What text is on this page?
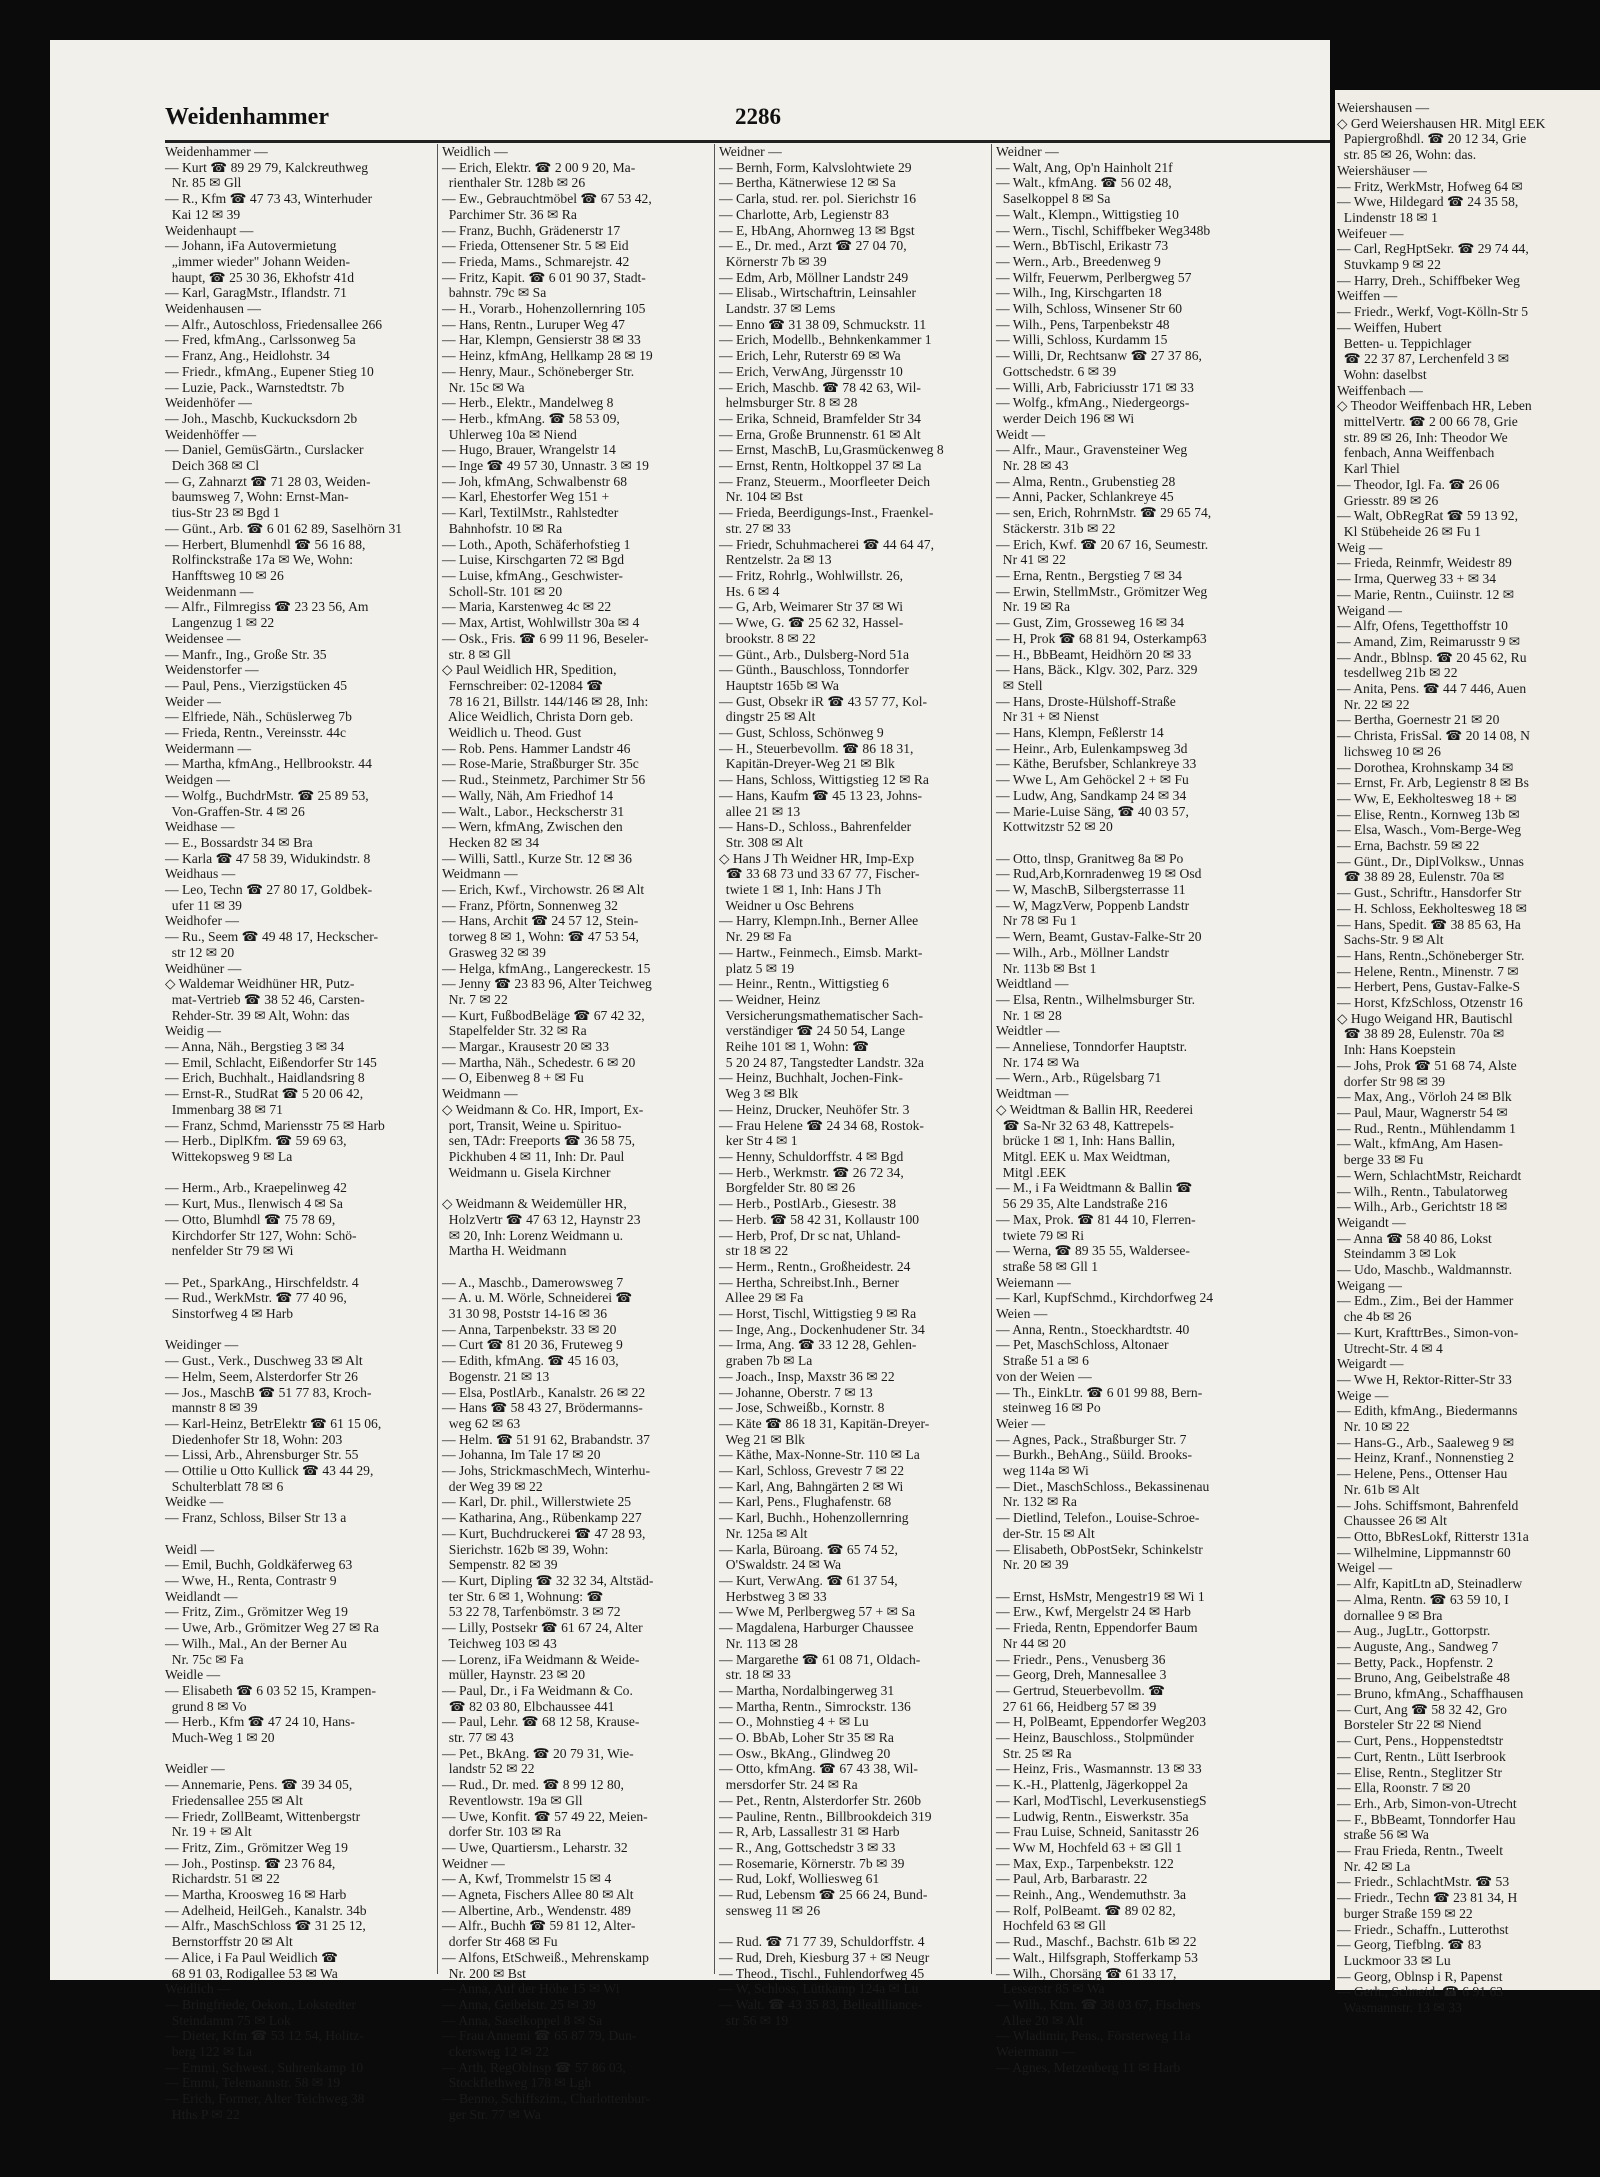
Weidenhammer	2286
Weidenhammer —
— Kurt ☎ 89 29 79, Kalckreuthweg
Nr. 85 ✉ Gll
— R., Kfm ☎ 47 73 43, Winterhuder
Kai 12 ✉ 39
Weidenhaupt —
— Johann, iFa Autovermietung
„immer wieder" Johann Weiden-
haupt, ☎ 25 30 36, Ekhofstr 41d
— Karl, GaragMstr., Iflandstr. 71
Weidenhausen —
— Alfr., Autoschloss, Friedensallee 266
— Fred, kfmAng., Carlssonweg 5a
— Franz, Ang., Heidlohstr. 34
— Friedr., kfmAng., Eupener Stieg 10
— Luzie, Pack., Warnstedtstr. 7b
Weidenhöfer —
— Joh., Maschb, Kuckucksdorn 2b
Weidenhöffer —
— Daniel, GemüsGärtn., Curslacker
Deich 368 ✉ Cl
— G, Zahnarzt ☎ 71 28 03, Weiden-
baumsweg 7, Wohn: Ernst-Man-
tius-Str 23 ✉ Bgd 1
— Günt., Arb. ☎ 6 01 62 89, Saselhörn 31
— Herbert, Blumenhdl ☎ 56 16 88,
Rolfinckstraße 17a ✉ We, Wohn:
Hanfftsweg 10 ✉ 26
Weidenmann —
— Alfr., Filmregiss ☎ 23 23 56, Am
Langenzug 1 ✉ 22
Weidensee —
— Manfr., Ing., Große Str. 35
Weidenstorfer —
— Paul, Pens., Vierzigstücken 45
Weider —
— Elfriede, Näh., Schüslerweg 7b
— Frieda, Rentn., Vereinsstr. 44c
Weidermann —
— Martha, kfmAng., Hellbrookstr. 44
Weidgen —
— Wolfg., BuchdrMstr. ☎ 25 89 53,
Von-Graffen-Str. 4 ✉ 26
Weidhase —
— E., Bossardstr 34 ✉ Bra
— Karla ☎ 47 58 39, Widukindstr. 8
Weidhaus —
— Leo, Techn ☎ 27 80 17, Goldbek-
ufer 11 ✉ 39
Weidhofer —
— Ru., Seem ☎ 49 48 17, Heckscher-
str 12 ✉ 20
Weidhüner —
◇ Waldemar Weidhüner HR, Putz-
mat-Vertrieb ☎ 38 52 46, Carsten-
Rehder-Str. 39 ✉ Alt, Wohn: das
Weidig —
— Anna, Näh., Bergstieg 3 ✉ 34
— Emil, Schlacht, Eißendorfer Str 145
— Erich, Buchhalt., Haidlandsring 8
— Ernst-R., StudRat ☎ 5 20 06 42,
Immenbarg 38 ✉ 71
— Franz, Schmd, Mariensstr 75 ✉ Harb
— Herb., DiplKfm. ☎ 59 69 63,
Wittekopsweg 9 ✉ La

— Herm., Arb., Kraepelinweg 42
— Kurt, Mus., Ilenwisch 4 ✉ Sa
— Otto, Blumhdl ☎ 75 78 69,
Kirchdorfer Str 127, Wohn: Schö-
nenfelder Str 79 ✉ Wi

— Pet., SparkAng., Hirschfeldstr. 4
— Rud., WerkMstr. ☎ 77 40 96,
Sinstorfweg 4 ✉ Harb

Weidinger —
— Gust., Verk., Duschweg 33 ✉ Alt
— Helm, Seem, Alsterdorfer Str 26
— Jos., MaschB ☎ 51 77 83, Kroch-
mannstr 8 ✉ 39
— Karl-Heinz, BetrElektr ☎ 61 15 06,
Diedenhofer Str 18, Wohn: 203
— Lissi, Arb., Ahrensburger Str. 55
— Ottilie u Otto Kullick ☎ 43 44 29,
Schulterblatt 78 ✉ 6
Weidke —
— Franz, Schloss, Bilser Str 13 a

Weidl —
— Emil, Buchh, Goldkäferweg 63
— Wwe, H., Renta, Contrastr 9
Weidlandt —
— Fritz, Zim., Grömitzer Weg 19
— Uwe, Arb., Grömitzer Weg 27 ✉ Ra
— Wilh., Mal., An der Berner Au
Nr. 75c ✉ Fa
Weidle —
— Elisabeth ☎ 6 03 52 15, Krampen-
grund 8 ✉ Vo
— Herb., Kfm ☎ 47 24 10, Hans-
Much-Weg 1 ✉ 20

Weidler —
— Annemarie, Pens. ☎ 39 34 05,
Friedensallee 255 ✉ Alt
— Friedr, ZollBeamt, Wittenbergstr
Nr. 19 + ✉ Alt
— Fritz, Zim., Grömitzer Weg 19
— Joh., Postinsp. ☎ 23 76 84,
Richardstr. 51 ✉ 22
— Martha, Kroosweg 16 ✉ Harb
— Adelheid, HeilGeh., Kanalstr. 34b
— Alfr., MaschSchloss ☎ 31 25 12,
Bernstorffstr 20 ✉ Alt
— Alice, i Fa Paul Weidlich ☎
68 91 03, Rodigallee 53 ✉ Wa
Weidlich —
— Bringfriede, Oekon., Lokstedter
Steindamm 75 ✉ Lok
— Dieter, Kfm ☎ 53 12 54, Holitz-
berg 122 ✉ La
— Emmi, Schwest., Suhrenkamp 10
— Emmi, Telemannstr. 58 ✉ 19
— Erich, Former, Alter Teichweg 38
Hths P ✉ 22
Weidlich —
— Erich, Elektr. ☎ 2 00 9 20, Ma-
rienthaler Str. 128b ✉ 26
— Ew., Gebrauchtmöbel ☎ 67 53 42,
Parchimer Str. 36 ✉ Ra
— Franz, Buchh, Grädenerstr 17
— Frieda, Ottensener Str. 5 ✉ Eid
— Frieda, Mams., Schmarejstr. 42
— Fritz, Kapit. ☎ 6 01 90 37, Stadt-
bahnstr. 79c ✉ Sa
— H., Vorarb., Hohenzollernring 105
— Hans, Rentn., Luruper Weg 47
— Har, Klempn, Gensierstr 38 ✉ 33
— Heinz, kfmAng, Hellkamp 28 ✉ 19
— Henry, Maur., Schöneberger Str.
Nr. 15c ✉ Wa
— Herb., Elektr., Mandelweg 8
— Herb., kfmAng. ☎ 58 53 09,
Uhlerweg 10a ✉ Niend
— Hugo, Brauer, Wrangelstr 14
— Inge ☎ 49 57 30, Unnastr. 3 ✉ 19
— Joh, kfmAng, Schwalbenstr 68
— Karl, Ehestorfer Weg 151 +
— Karl, TextilMstr., Rahlstedter
Bahnhofstr. 10 ✉ Ra
— Loth., Apoth, Schäferhofstieg 1
— Luise, Kirschgarten 72 ✉ Bgd
— Luise, kfmAng., Geschwister-
Scholl-Str. 101 ✉ 20
— Maria, Karstenweg 4c ✉ 22
— Max, Artist, Wohlwillstr 30a ✉ 4
— Osk., Fris. ☎ 6 99 11 96, Beseler-
str. 8 ✉ Gll
◇ Paul Weidlich HR, Spedition,
Fernschreiber: 02-12084 ☎
78 16 21, Billstr. 144/146 ✉ 28, Inh:
Alice Weidlich, Christa Dorn geb.
Weidlich u. Theod. Gust
— Rob. Pens. Hammer Landstr 46
— Rose-Marie, Straßburger Str. 35c
— Rud., Steinmetz, Parchimer Str 56
— Wally, Näh, Am Friedhof 14
— Walt., Labor., Heckscherstr 31
— Wern, kfmAng, Zwischen den
Hecken 82 ✉ 34
— Willi, Sattl., Kurze Str. 12 ✉ 36
Weidmann —
— Erich, Kwf., Virchowstr. 26 ✉ Alt
— Franz, Pförtn, Sonnenweg 32
— Hans, Archit ☎ 24 57 12, Stein-
torweg 8 ✉ 1, Wohn: ☎ 47 53 54,
Grasweg 32 ✉ 39
— Helga, kfmAng., Langereckestr. 15
— Jenny ☎ 23 83 96, Alter Teichweg
Nr. 7 ✉ 22
— Kurt, FußbodBeläge ☎ 67 42 32,
Stapelfelder Str. 32 ✉ Ra
— Margar., Krausestr 20 ✉ 33
— Martha, Näh., Schedestr. 6 ✉ 20
— O, Eibenweg 8 + ✉ Fu
Weidmann —
◇ Weidmann & Co. HR, Import, Ex-
port, Transit, Weine u. Spirituo-
sen, TAdr: Freeports ☎ 36 58 75,
Pickhuben 4 ✉ 11, Inh: Dr. Paul
Weidmann u. Gisela Kirchner

◇ Weidmann & Weidemüller HR,
HolzVertr ☎ 47 63 12, Haynstr 23
✉ 20, Inh: Lorenz Weidmann u.
Martha H. Weidmann

— A., Maschb., Damerowsweg 7
— A. u. M. Wörle, Schneiderei ☎
31 30 98, Poststr 14-16 ✉ 36
— Anna, Tarpenbekstr. 33 ✉ 20
— Curt ☎ 81 20 36, Fruteweg 9
— Edith, kfmAng. ☎ 45 16 03,
Bogenstr. 21 ✉ 13
— Elsa, PostlArb., Kanalstr. 26 ✉ 22
— Hans ☎ 58 43 27, Brödermanns-
weg 62 ✉ 63
— Helm. ☎ 51 91 62, Brabandstr. 37
— Johanna, Im Tale 17 ✉ 20
— Johs, StrickmaschMech, Winterhu-
der Weg 39 ✉ 22
— Karl, Dr. phil., Willerstwiete 25
— Katharina, Ang., Rübenkamp 227
— Kurt, Buchdruckerei ☎ 47 28 93,
Sierichstr. 162b ✉ 39, Wohn:
Sempenstr. 82 ✉ 39
— Kurt, Dipling ☎ 32 32 34, Altstäd-
ter Str. 6 ✉ 1, Wohnung: ☎
53 22 78, Tarfenbömstr. 3 ✉ 72
— Lilly, Postsekr ☎ 61 67 24, Alter
Teichweg 103 ✉ 43
— Lorenz, iFa Weidmann & Weide-
müller, Haynstr. 23 ✉ 20
— Paul, Dr., i Fa Weidmann & Co.
☎ 82 03 80, Elbchaussee 441
— Paul, Lehr. ☎ 68 12 58, Krause-
str. 77 ✉ 43
— Pet., BkAng. ☎ 20 79 31, Wie-
landstr 52 ✉ 22
— Rud., Dr. med. ☎ 8 99 12 80,
Reventlowstr. 19a ✉ Gll
— Uwe, Konfit. ☎ 57 49 22, Meien-
dorfer Str. 103 ✉ Ra
— Uwe, Quartiersm., Leharstr. 32
Weidner —
— A, Kwf, Trommelstr 15 ✉ 4
— Agneta, Fischers Allee 80 ✉ Alt
— Albertine, Arb., Wendenstr. 489
— Alfr., Buchh ☎ 59 81 12, Alter-
dorfer Str 468 ✉ Fu
— Alfons, EtSchweiß., Mehrenskamp
Nr. 200 ✉ Bst
— Anna, Auf der Höhe 15 ✉ Wi
— Anna, Geibelstr. 25 ✉ 39
— Anna, Saselkoppel 8 ✉ Sa
— Frau Annemi ☎ 65 87 79, Dun-
ckersweg 12 ✉ 22
— Arth, RegOblnsp ☎ 57 86 03,
Stockflethweg 178 ✉ Lgh
— Benno, Schiffszim., Charlottenbur-
ger Str. 77 ✉ Wa
Weidner —
— Bernh, Form, Kalvslohtwiete 29
— Bertha, Kätnerwiese 12 ✉ Sa
— Carla, stud. rer. pol. Sierichstr 16
— Charlotte, Arb, Legienstr 83
— E, HbAng, Ahornweg 13 ✉ Bgst
— E., Dr. med., Arzt ☎ 27 04 70,
Körnerstr 7b ✉ 39
— Edm, Arb, Möllner Landstr 249
— Elisab., Wirtschaftrin, Leinsahler
Landstr. 37 ✉ Lems
— Enno ☎ 31 38 09, Schmuckstr. 11
— Erich, Modellb., Behnkenkammer 1
— Erich, Lehr, Ruterstr 69 ✉ Wa
— Erich, VerwAng, Jürgensstr 10
— Erich, Maschb. ☎ 78 42 63, Wil-
helmsburger Str. 8 ✉ 28
— Erika, Schneid, Bramfelder Str 34
— Erna, Große Brunnenstr. 61 ✉ Alt
— Ernst, MaschB, Lu,Grasmückenweg 8
— Ernst, Rentn, Holtkoppel 37 ✉ La
— Franz, Steuerm., Moorfleeter Deich
Nr. 104 ✉ Bst
— Frieda, Beerdigungs-Inst., Fraenkel-
str. 27 ✉ 33
— Friedr, Schuhmacherei ☎ 44 64 47,
Rentzelstr. 2a ✉ 13
— Fritz, Rohrlg., Wohlwillstr. 26,
Hs. 6 ✉ 4
— G, Arb, Weimarer Str 37 ✉ Wi
— Wwe, G. ☎ 25 62 32, Hassel-
brookstr. 8 ✉ 22
— Günt., Arb., Dulsberg-Nord 51a
— Günth., Bauschloss, Tonndorfer
Hauptstr 165b ✉ Wa
— Gust, Obsekr iR ☎ 43 57 77, Kol-
dingstr 25 ✉ Alt
— Gust, Schloss, Schönweg 9
— H., Steuerbevollm. ☎ 86 18 31,
Kapitän-Dreyer-Weg 21 ✉ Blk
— Hans, Schloss, Wittigstieg 12 ✉ Ra
— Hans, Kaufm ☎ 45 13 23, Johns-
allee 21 ✉ 13
— Hans-D., Schloss., Bahrenfelder
Str. 308 ✉ Alt
◇ Hans J Th Weidner HR, Imp-Exp
☎ 33 68 73 und 33 67 77, Fischer-
twiete 1 ✉ 1, Inh: Hans J Th
Weidner u Osc Behrens
— Harry, Klempn.Inh., Berner Allee
Nr. 29 ✉ Fa
— Hartw., Feinmech., Eimsb. Markt-
platz 5 ✉ 19
— Heinr., Rentn., Wittigstieg 6
— Weidner, Heinz
Versicherungsmathematischer Sach-
verständiger ☎ 24 50 54, Lange
Reihe 101 ✉ 1, Wohn: ☎
5 20 24 87, Tangstedter Landstr. 32a
— Heinz, Buchhalt, Jochen-Fink-
Weg 3 ✉ Blk
— Heinz, Drucker, Neuhöfer Str. 3
— Frau Helene ☎ 24 34 68, Rostok-
ker Str 4 ✉ 1
— Henny, Schuldorffstr. 4 ✉ Bgd
— Herb., Werkmstr. ☎ 26 72 34,
Borgfelder Str. 80 ✉ 26
— Herb., PostlArb., Giesestr. 38
— Herb. ☎ 58 42 31, Kollaustr 100
— Herb, Prof, Dr sc nat, Uhland-
str 18 ✉ 22
— Herm., Rentn., Großheidestr. 24
— Hertha, Schreibst.Inh., Berner
Allee 29 ✉ Fa
— Horst, Tischl, Wittigstieg 9 ✉ Ra
— Inge, Ang., Dockenhudener Str. 34
— Irma, Ang. ☎ 33 12 28, Gehlen-
graben 7b ✉ La
— Joach., Insp, Maxstr 36 ✉ 22
— Johanne, Oberstr. 7 ✉ 13
— Jose, Schweißb., Kornstr. 8
— Käte ☎ 86 18 31, Kapitän-Dreyer-
Weg 21 ✉ Blk
— Käthe, Max-Nonne-Str. 110 ✉ La
— Karl, Schloss, Grevestr 7 ✉ 22
— Karl, Ang, Bahngärten 2 ✉ Wi
— Karl, Pens., Flughafenstr. 68
— Karl, Buchh., Hohenzollernring
Nr. 125a ✉ Alt
— Karla, Büroang. ☎ 65 74 52,
O'Swaldstr. 24 ✉ Wa
— Kurt, VerwAng. ☎ 61 37 54,
Herbstweg 3 ✉ 33
— Wwe M, Perlbergweg 57 + ✉ Sa
— Magdalena, Harburger Chaussee
Nr. 113 ✉ 28
— Margarethe ☎ 61 08 71, Oldach-
str. 18 ✉ 33
— Martha, Nordalbingerweg 31
— Martha, Rentn., Simrockstr. 136
— O., Mohnstieg 4 + ✉ Lu
— O. BbAb, Loher Str 35 ✉ Ra
— Osw., BkAng., Glindweg 20
— Otto, kfmAng. ☎ 67 43 38, Wil-
mersdorfer Str. 24 ✉ Ra
— Pet., Rentn, Alsterdorfer Str. 260b
— Pauline, Rentn., Billbrookdeich 319
— R, Arb, Lassallestr 31 ✉ Harb
— R., Ang, Gottschedstr 3 ✉ 33
— Rosemarie, Körnerstr. 7b ✉ 39
— Rud, Lokf, Wolliesweg 61
— Rud, Lebensm ☎ 25 66 24, Bund-
sensweg 11 ✉ 26

— Rud. ☎ 71 77 39, Schuldorffstr. 4
— Rud, Dreh, Kiesburg 37 + ✉ Neugr
— Theod., Tischl., Fuhlendorfweg 45
— W, Schloss, Lüttkamp 124a ✉ Lu
— Walt. ☎ 43 35 83, Belleallliance-
str 56 ✉ 19
Weidner —
— Walt, Ang, Op'n Hainholt 21f
— Walt., kfmAng. ☎ 56 02 48,
Saselkoppel 8 ✉ Sa
— Walt., Klempn., Wittigstieg 10
— Wern., Tischl, Schiffbeker Weg348b
— Wern., BbTischl, Erikastr 73
— Wern., Arb., Breedenweg 9
— Wilfr, Feuerwm, Perlbergweg 57
— Wilh., Ing, Kirschgarten 18
— Wilh, Schloss, Winsener Str 60
— Wilh., Pens, Tarpenbekstr 48
— Willi, Schloss, Kurdamm 15
— Willi, Dr, Rechtsanw ☎ 27 37 86,
Gottschedstr. 6 ✉ 39
— Willi, Arb, Fabriciusstr 171 ✉ 33
— Wolfg., kfmAng., Niedergeorgs-
werder Deich 196 ✉ Wi
Weidt —
— Alfr., Maur., Gravensteiner Weg
Nr. 28 ✉ 43
— Alma, Rentn., Grubenstieg 28
— Anni, Packer, Schlankreye 45
— sen, Erich, RohrnMstr. ☎ 29 65 74,
Stäckerstr. 31b ✉ 22
— Erich, Kwf. ☎ 20 67 16, Seumestr.
Nr 41 ✉ 22
— Erna, Rentn., Bergstieg 7 ✉ 34
— Erwin, StellmMstr., Grömitzer Weg
Nr. 19 ✉ Ra
— Gust, Zim, Grosseweg 16 ✉ 34
— H, Prok ☎ 68 81 94, Osterkamp63
— H., BbBeamt, Heidhörn 20 ✉ 33
— Hans, Bäck., Klgv. 302, Parz. 329
✉ Stell
— Hans, Droste-Hülshoff-Straße
Nr 31 + ✉ Nienst
— Hans, Klempn, Feßlerstr 14
— Heinr., Arb, Eulenkampsweg 3d
— Käthe, Berufsber, Schlankreye 33
— Wwe L, Am Gehöckel 2 + ✉ Fu
— Ludw, Ang, Sandkamp 24 ✉ 34
— Marie-Luise Säng, ☎ 40 03 57,
Kottwitzstr 52 ✉ 20

— Otto, tlnsp, Granitweg 8a ✉ Po
— Rud,Arb,Kornradenweg 19 ✉ Osd
— W, MaschB, Silbergsterrasse 11
— W, MagzVerw, Poppenb Landstr
Nr 78 ✉ Fu 1
— Wern, Beamt, Gustav-Falke-Str 20
— Wilh., Arb., Möllner Landstr
Nr. 113b ✉ Bst 1
Weidtland —
— Elsa, Rentn., Wilhelmsburger Str.
Nr. 1 ✉ 28
Weidtler —
— Anneliese, Tonndorfer Hauptstr.
Nr. 174 ✉ Wa
— Wern., Arb., Rügelsbarg 71
Weidtman —
◇ Weidtman & Ballin HR, Reederei
☎ Sa-Nr 32 63 48, Kattrepels-
brücke 1 ✉ 1, Inh: Hans Ballin,
Mitgl. EEK u. Max Weidtman,
Mitgl .EEK
— M., i Fa Weidtmann & Ballin ☎
56 29 35, Alte Landstraße 216
— Max, Prok. ☎ 81 44 10, Flerren-
twiete 79 ✉ Ri
— Werna, ☎ 89 35 55, Waldersee-
straße 58 ✉ Gll 1
Weiemann —
— Karl, KupfSchmd., Kirchdorfweg 24
Weien —
— Anna, Rentn., Stoeckhardtstr. 40
— Pet, MaschSchloss, Altonaer
Straße 51 a ✉ 6
von der Weien —
— Th., EinkLtr. ☎ 6 01 99 88, Bern-
steinweg 16 ✉ Po
Weier —
— Agnes, Pack., Straßburger Str. 7
— Burkh., BehAng., Süild. Brooks-
weg 114a ✉ Wi
— Diet., MaschSchloss., Bekassinenau
Nr. 132 ✉ Ra
— Dietlind, Telefon., Louise-Schroe-
der-Str. 15 ✉ Alt
— Elisabeth, ObPostSekr, Schinkelstr
Nr. 20 ✉ 39

— Ernst, HsMstr, Mengestr19 ✉ Wi 1
— Erw., Kwf, Mergelstr 24 ✉ Harb
— Frieda, Rentn, Eppendorfer Baum
Nr 44 ✉ 20
— Friedr., Pens., Venusberg 36
— Georg, Dreh, Mannesallee 3
— Gertrud, Steuerbevollm. ☎
27 61 66, Heidberg 57 ✉ 39
— H, PolBeamt, Eppendorfer Weg203
— Heinz, Bauschloss., Stolpmünder
Str. 25 ✉ Ra
— Heinz, Fris., Wasmannstr. 13 ✉ 33
— K.-H., Plattenlg, Jägerkoppel 2a
— Karl, ModTischl, LeverkusenstiegS
— Ludwig, Rentn., Eiswerkstr. 35a
— Frau Luise, Schneid, Sanitasstr 26
— Ww M, Hochfeld 63 + ✉ Gll 1
— Max, Exp., Tarpenbekstr. 122
— Paul, Arb, Barbarastr. 22
— Reinh., Ang., Wendemuthstr. 3a
— Rolf, PolBeamt. ☎ 89 02 82,
Hochfeld 63 ✉ Gll
— Rud., Maschf., Bachstr. 61b ✉ 22
— Walt., Hilfsgraph, Stofferkamp 53
— Wilh., Chorsäng ☎ 61 33 17,
Lesserstr 85 ✉ Wa
— Wilh., Ktm. ☎ 38 03 67, Fischers
Allee 20 ✉ Alt
— Wladimir, Pens., Försterweg 11a
Weiermann —
— Agnes, Metzenberg 11 ✉ Harb
Weiershausen —
◇ Gerd Weiershausen HR. Mitgl EEK
Papiergroßhdl. ☎ 20 12 34, Grie
str. 85 ✉ 26, Wohn: das.
Weiershäuser —
— Fritz, WerkMstr, Hofweg 64 ✉
— Wwe, Hildegard ☎ 24 35 58,
Lindenstr 18 ✉ 1
Weifeuer —
— Carl, RegHptSekr. ☎ 29 74 44,
Stuvkamp 9 ✉ 22
— Harry, Dreh., Schiffbeker Weg
Weiffen —
— Friedr., Werkf, Vogt-Kölln-Str 5
— Weiffen, Hubert
Betten- u. Teppichlager
☎ 22 37 87, Lerchenfeld 3 ✉
Wohn: daselbst
Weiffenbach —
◇ Theodor Weiffenbach HR, Leben
mittelVertr. ☎ 2 00 66 78, Grie
str. 89 ✉ 26, Inh: Theodor We
fenbach, Anna Weiffenbach
Karl Thiel
— Theodor, Igl. Fa. ☎ 26 06
Griesstr. 89 ✉ 26
— Walt, ObRegRat ☎ 59 13 92,
Kl Stübeheide 26 ✉ Fu 1
Weig —
— Frieda, Reinmfr, Weidestr 89
— Irma, Querweg 33 + ✉ 34
— Marie, Rentn., Cuiinstr. 12 ✉
Weigand —
— Alfr, Ofens, Tegetthoffstr 10
— Amand, Zim, Reimarusstr 9 ✉
— Andr., Bblnsp. ☎ 20 45 62, Ru
tesdellweg 21b ✉ 22
— Anita, Pens. ☎ 44 7 446, Auen
Nr. 22 ✉ 22
— Bertha, Goernestr 21 ✉ 20
— Christa, FrisSal. ☎ 20 14 08, N
lichsweg 10 ✉ 26
— Dorothea, Krohnskamp 34 ✉
— Ernst, Fr. Arb, Legienstr 8 ✉ Bs
— Ww, E, Eekholtesweg 18 + ✉
— Elise, Rentn., Kornweg 13b ✉
— Elsa, Wasch., Vom-Berge-Weg
— Erna, Bachstr. 59 ✉ 22
— Günt., Dr., DiplVolksw., Unnas
☎ 38 89 28, Eulenstr. 70a ✉
— Gust., Schriftr., Hansdorfer Str
— H. Schloss, Eekholtesweg 18 ✉
— Hans, Spedit. ☎ 38 85 63, Ha
Sachs-Str. 9 ✉ Alt
— Hans, Rentn.,Schöneberger Str.
— Helene, Rentn., Minenstr. 7 ✉
— Herbert, Pens, Gustav-Falke-S
— Horst, KfzSchloss, Otzenstr 16
◇ Hugo Weigand HR, Bautischl
☎ 38 89 28, Eulenstr. 70a ✉
Inh: Hans Koepstein
— Johs, Prok ☎ 51 68 74, Alste
dorfer Str 98 ✉ 39
— Max, Ang., Vörloh 24 ✉ Blk
— Paul, Maur, Wagnerstr 54 ✉
— Rud., Rentn., Mühlendamm 1
— Walt., kfmAng, Am Hasen-
berge 33 ✉ Fu
— Wern, SchlachtMstr, Reichardt
— Wilh., Rentn., Tabulatorweg
— Wilh., Arb., Gerichtstr 18 ✉
Weigandt —
— Anna ☎ 58 40 86, Lokst
Steindamm 3 ✉ Lok
— Udo, Maschb., Waldmannstr.
Weigang —
— Edm., Zim., Bei der Hammer
che 4b ✉ 26
— Kurt, KrafttrBes., Simon-von-
Utrecht-Str. 4 ✉ 4
Weigardt —
— Wwe H, Rektor-Ritter-Str 33
Weige —
— Edith, kfmAng., Biedermanns
Nr. 10 ✉ 22
— Hans-G., Arb., Saaleweg 9 ✉
— Heinz, Kranf., Nonnenstieg 2
— Helene, Pens., Ottenser Hau
Nr. 61b ✉ Alt
— Johs. Schiffsmont, Bahrenfeld
Chaussee 26 ✉ Alt
— Otto, BbResLokf, Ritterstr 131a
— Wilhelmine, Lippmannstr 60
Weigel —
— Alfr, KapitLtn aD, Steinadlerw
— Alma, Rentn. ☎ 63 59 10, I
dornallee 9 ✉ Bra
— Aug., JugLtr., Gottorpstr.
— Auguste, Ang., Sandweg 7
— Betty, Pack., Hopfenstr. 2
— Bruno, Ang, Geibelstraße 48
— Bruno, kfmAng., Schaffhausen
— Curt, Ang ☎ 58 32 42, Gro
Borsteler Str 22 ✉ Niend
— Curt, Pens., Hoppenstedtstr
— Curt, Rentn., Lütt Iserbrook
— Elise, Rentn., Steglitzer Str
— Ella, Roonstr. 7 ✉ 20
— Erh., Arb, Simon-von-Utrecht
— F., BbBeamt, Tonndorfer Hau
straße 56 ✉ Wa
— Frau Frieda, Rentn., Tweelt
Nr. 42 ✉ La
— Friedr., SchlachtMstr. ☎ 53
— Friedr., Techn ☎ 23 81 34, H
burger Straße 159 ✉ 22
— Friedr., Schaffn., Lutterothst
— Georg, Tiefblng. ☎ 83
Luckmoor 33 ✉ Lu
— Georg, Oblnsp i R, Papenst
— Gerh., Schneid. ☎ 6 91 63
Wasmannstr. 13 ✉ 33
